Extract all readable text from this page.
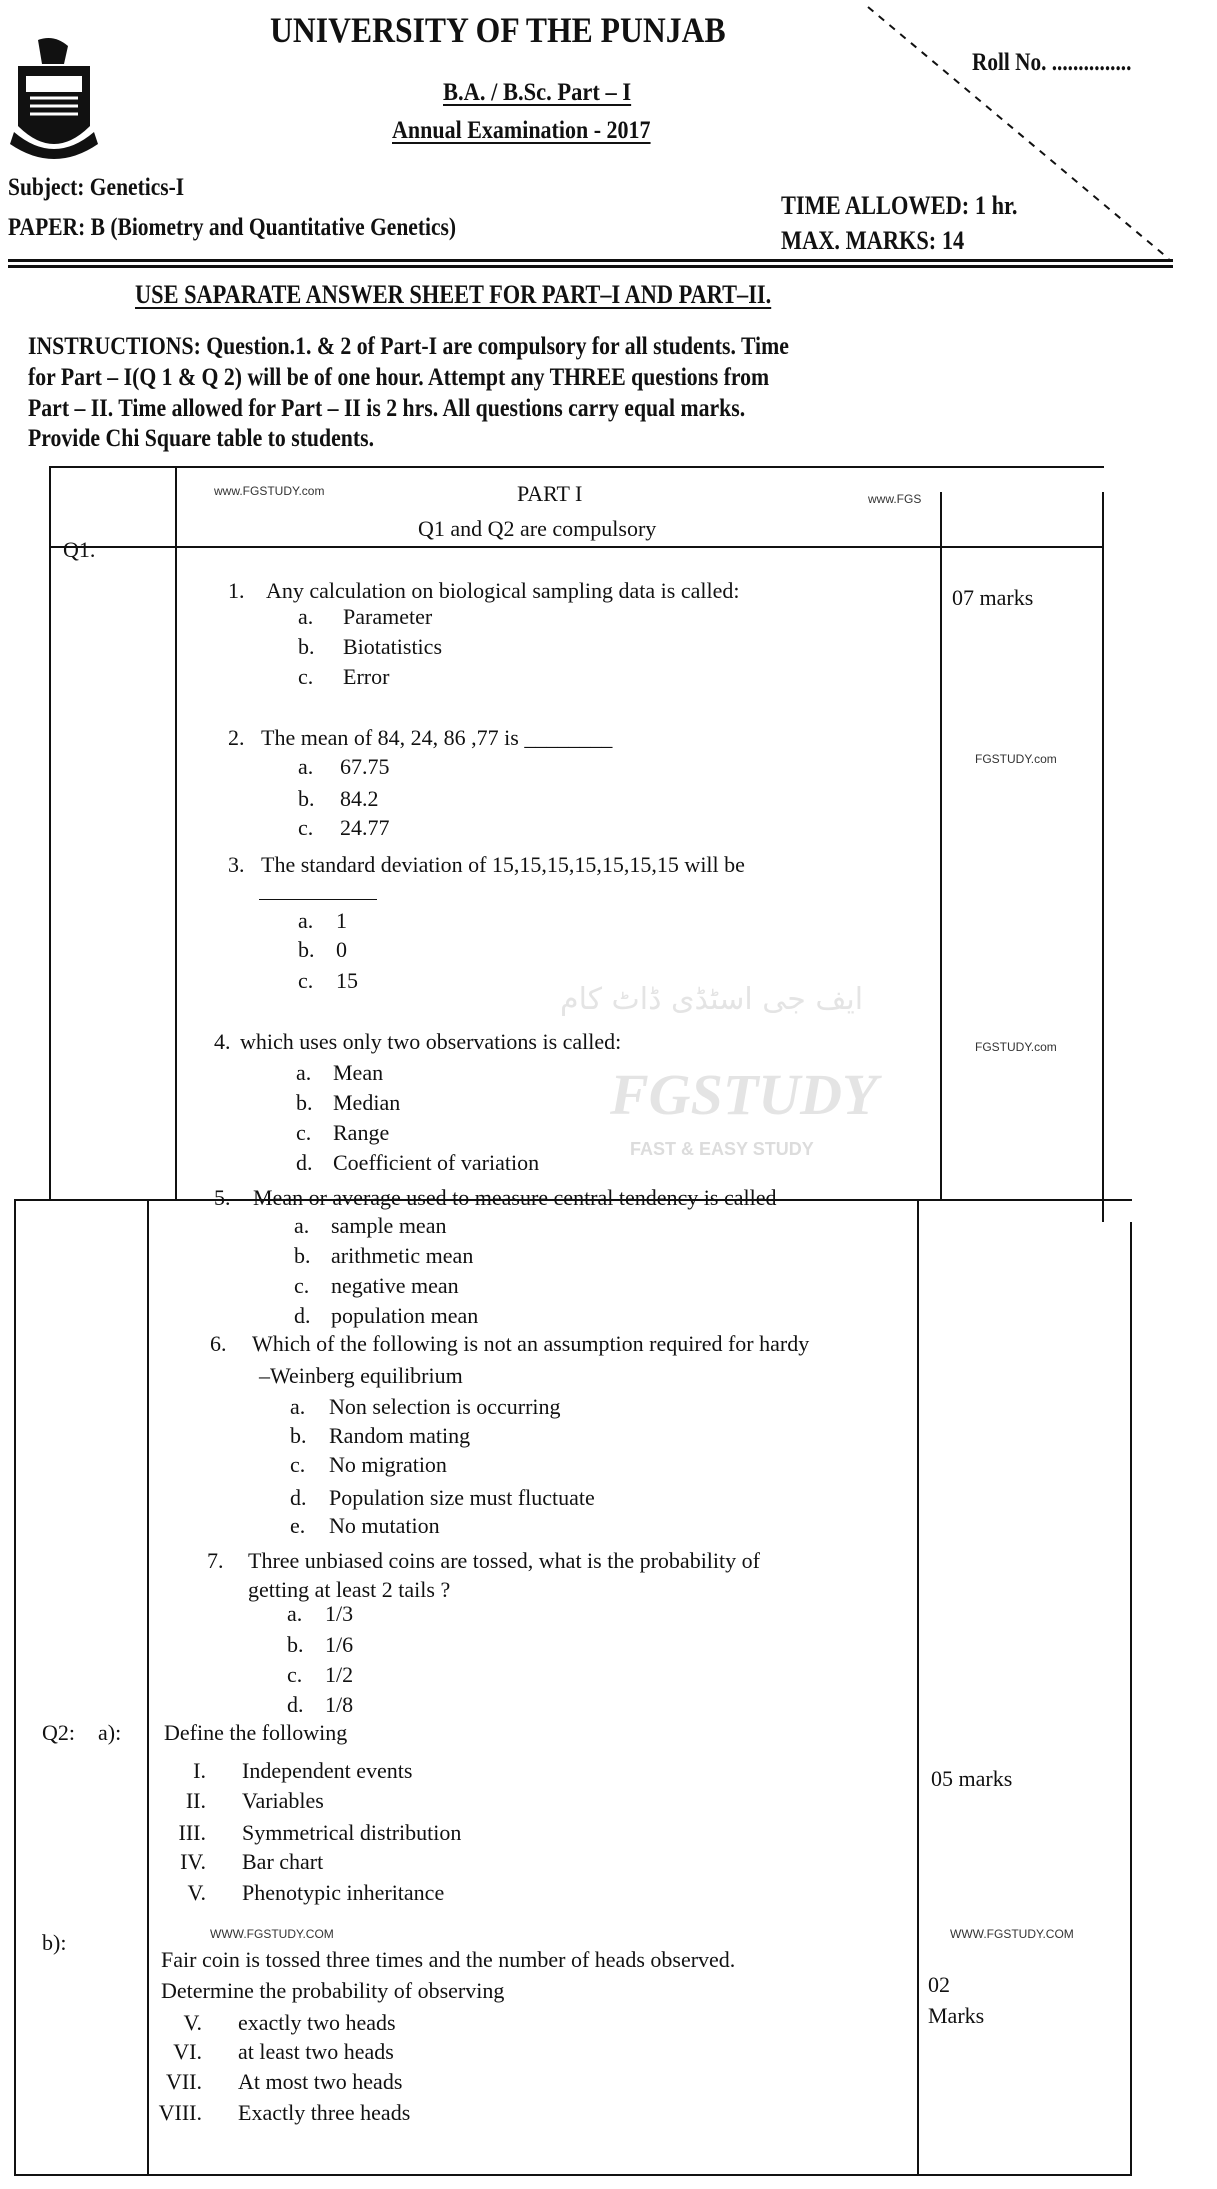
UNIVERSITY OF THE PUNJAB
Roll No. ...............
B.A. / B.Sc. Part – I
Annual Examination - 2017
Subject: Genetics-I
PAPER: B (Biometry and Quantitative Genetics)
TIME ALLOWED: 1 hr.
MAX. MARKS: 14
USE SAPARATE ANSWER SHEET FOR PART–I AND PART–II.
INSTRUCTIONS: Question.1. & 2 of Part-I are compulsory for all students. Time
for Part – I(Q 1 & Q 2) will be of one hour. Attempt any THREE questions from
Part – II. Time allowed for Part – II is 2 hrs. All questions carry equal marks.
Provide Chi Square table to students.
PART I
Q1 and Q2 are compulsory
www.FGSTUDY.com
www.FGS
FGSTUDY.com
FGSTUDY.com
WWW.FGSTUDY.COM	WWW.FGSTUDY.COM
FGSTUDY
FAST & EASY STUDY
ایف جی اسٹڈی ڈاٹ کام
Q1.
07 marks
1. Any calculation on biological sampling data is called:
a. Parameter
b. Biotatistics
c. Error
2. The mean of 84, 24, 86 ,77 is ________
a. 67.75
b. 84.2
c. 24.77
3. The standard deviation of 15,15,15,15,15,15,15 will be
a. 1
b. 0
c. 15
4. which uses only two observations is called:
a. Mean
b. Median
c. Range
d. Coefficient of variation
5. Mean or average used to measure central tendency is called
a. sample mean
b. arithmetic mean
c. negative mean
d. population mean
6. Which of the following is not an assumption required for hardy
–Weinberg equilibrium
a. Non selection is occurring
b. Random mating
c. No migration
d. Population size must fluctuate
e. No mutation
7. Three unbiased coins are tossed, what is the probability of
getting at least 2 tails ?
a. 1/3
b. 1/6
c. 1/2
d. 1/8
Q2: a): Define the following
05 marks
I. Independent events
II. Variables
III. Symmetrical distribution
IV. Bar chart
V. Phenotypic inheritance
b):
Fair coin is tossed three times and the number of heads observed.
Determine the probability of observing	02
Marks
V. exactly two heads
VI. at least two heads
VII. At most two heads
VIII. Exactly three heads
